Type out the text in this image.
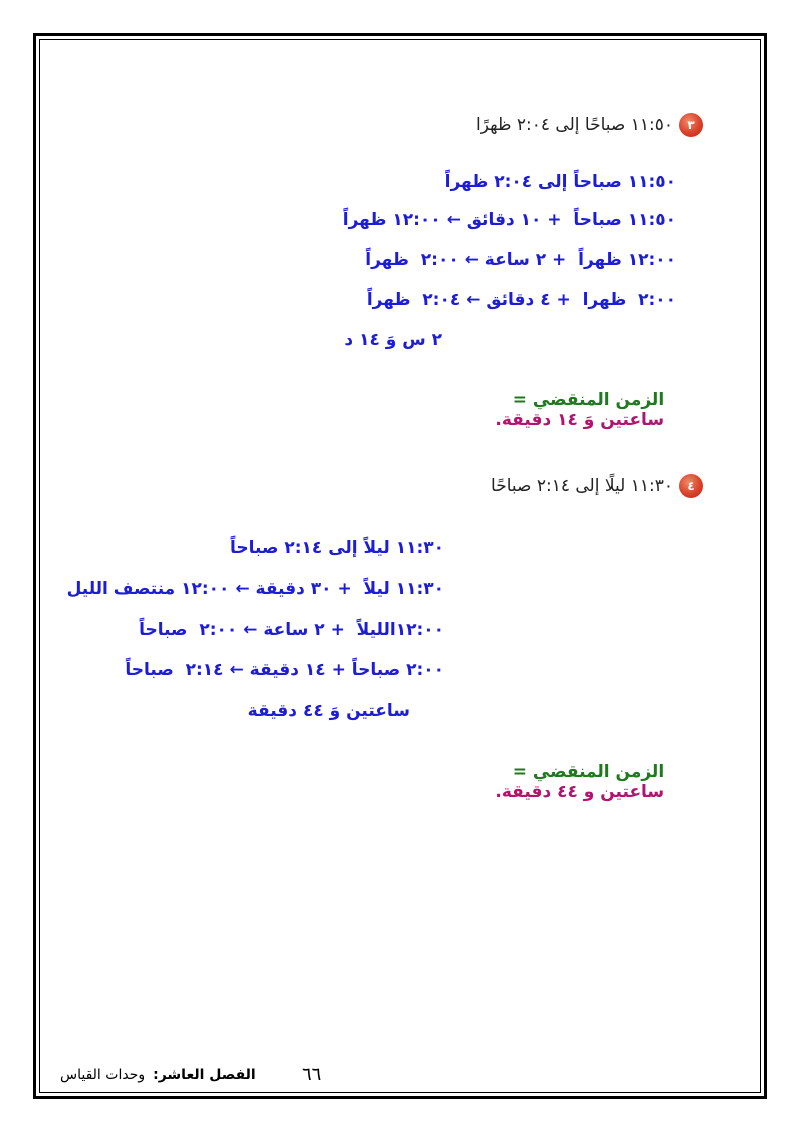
٣
١١:٥٠ صباحًا إلى ٢:٠٤ ظهرًا
١١:٥٠ صباحاً إلى ٢:٠٤ ظهراً
١١:٥٠ صباحاً  + ١٠ دقائق ← ١٢:٠٠ ظهراً
١٢:٠٠ ظهراً  + ٢ ساعة ← ٢:٠٠  ظهراً
٢:٠٠  ظهرا  + ٤ دقائق ← ٢:٠٤  ظهراً
٢ س وَ ١٤ د

الزمن المنقضي =
ساعتين وَ ١٤ دقيقة.

٤
١١:٣٠ ليلًا إلى ٢:١٤ صباحًا
١١:٣٠ ليلاً إلى ٢:١٤ صباحاً
١١:٣٠ ليلاً  + ٣٠ دقيقة ← ١٢:٠٠ منتصف الليل
١٢:٠٠الليلاً  + ٢ ساعة ← ٢:٠٠  صباحاً
٢:٠٠ صباحاً + ١٤ دقيقة ← ٢:١٤  صباحاً
ساعتين وَ ٤٤ دقيقة

الزمن المنقضي =
ساعتين و ٤٤ دقيقة.

٦٦
الفصل العاشر:
وحدات القياس
